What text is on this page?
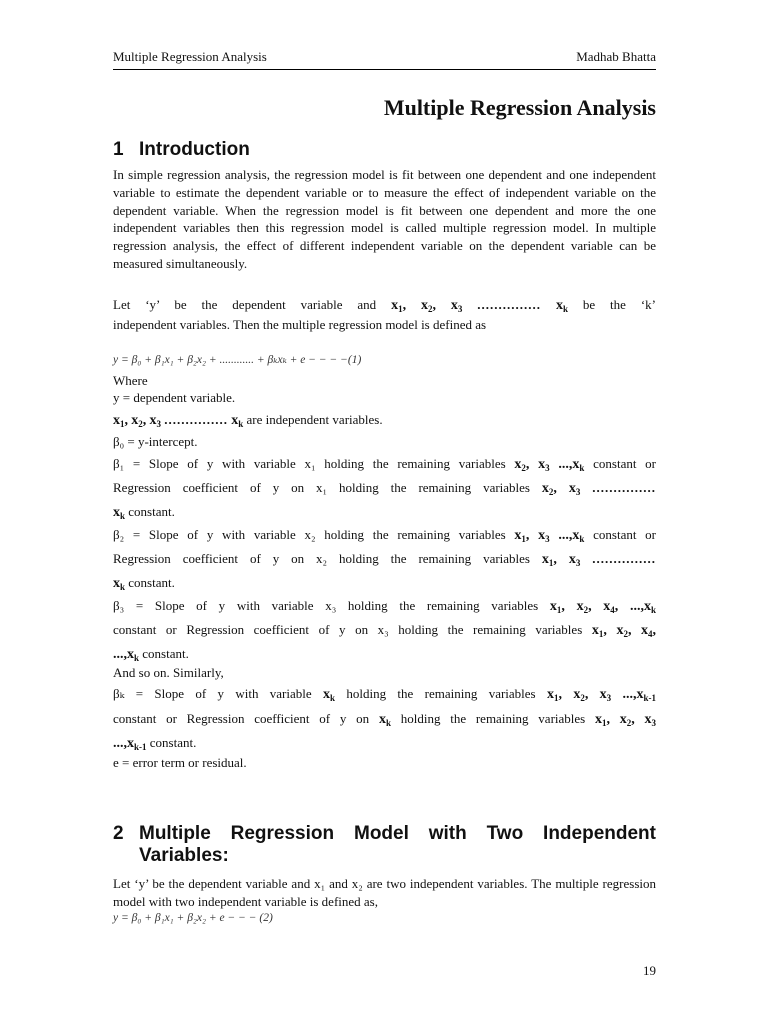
Multiple Regression Analysis	Madhab Bhatta
Multiple Regression Analysis
1 Introduction
In simple regression analysis, the regression model is fit between one dependent and one independent variable to estimate the dependent variable or to measure the effect of independent variable on the dependent variable. When the regression model is fit between one dependent and more the one independent variables then this regression model is called multiple regression model. In multiple regression analysis, the effect of different independent variable on the dependent variable can be measured simultaneously.
Let ‘y’ be the dependent variable and $x_1$, $x_2$, $x_3$ ............... $x_k$ be the ‘k’
independent variables. Then the multiple regression model is defined as
y = β₀ + β₁x₁ + β₂x₂ + ............ + βₖxₖ + e − − − −(1)
Where
y = dependent variable.
$x_1$, $x_2$, $x_3$ ............... $x_k$ are independent variables.
β₀ = y-intercept.
β₁ = Slope of y with variable x₁ holding the remaining variables $x_2$, $x_3$ $...,x_k$ constant or
Regression coefficient of y on x₁ holding the remaining variables $x_2$, $x_3$ ...............
$x_k$ constant.
β₂ = Slope of y with variable x₂ holding the remaining variables $x_1$, $x_3$ $...,x_k$ constant or
Regression coefficient of y on x₂ holding the remaining variables $x_1$, $x_3$ ...............
$x_k$ constant.
β₃ = Slope of y with variable x₃ holding the remaining variables $x_1$, $x_2$, $x_4$, $...,x_k$
constant or Regression coefficient of y on x₃ holding the remaining variables $x_1$, $x_2$, $x_4$,
$...,x_k$ constant.
And so on. Similarly,
βₖ = Slope of y with variable $x_k$ holding the remaining variables $x_1$, $x_2$, $x_3$ $...,x_{k-1}$
constant or Regression coefficient of y on $x_k$ holding the remaining variables $x_1$, $x_2$, $x_3$
$...,x_{k-1}$ constant.
e = error term or residual.
2 Multiple Regression Model with Two Independent
Variables:
Let ‘y’ be the dependent variable and x₁ and x₂ are two independent variables. The multiple regression model with two independent variable is defined as,
y = β₀ + β₁x₁ + β₂x₂ + e − − − (2)
19
